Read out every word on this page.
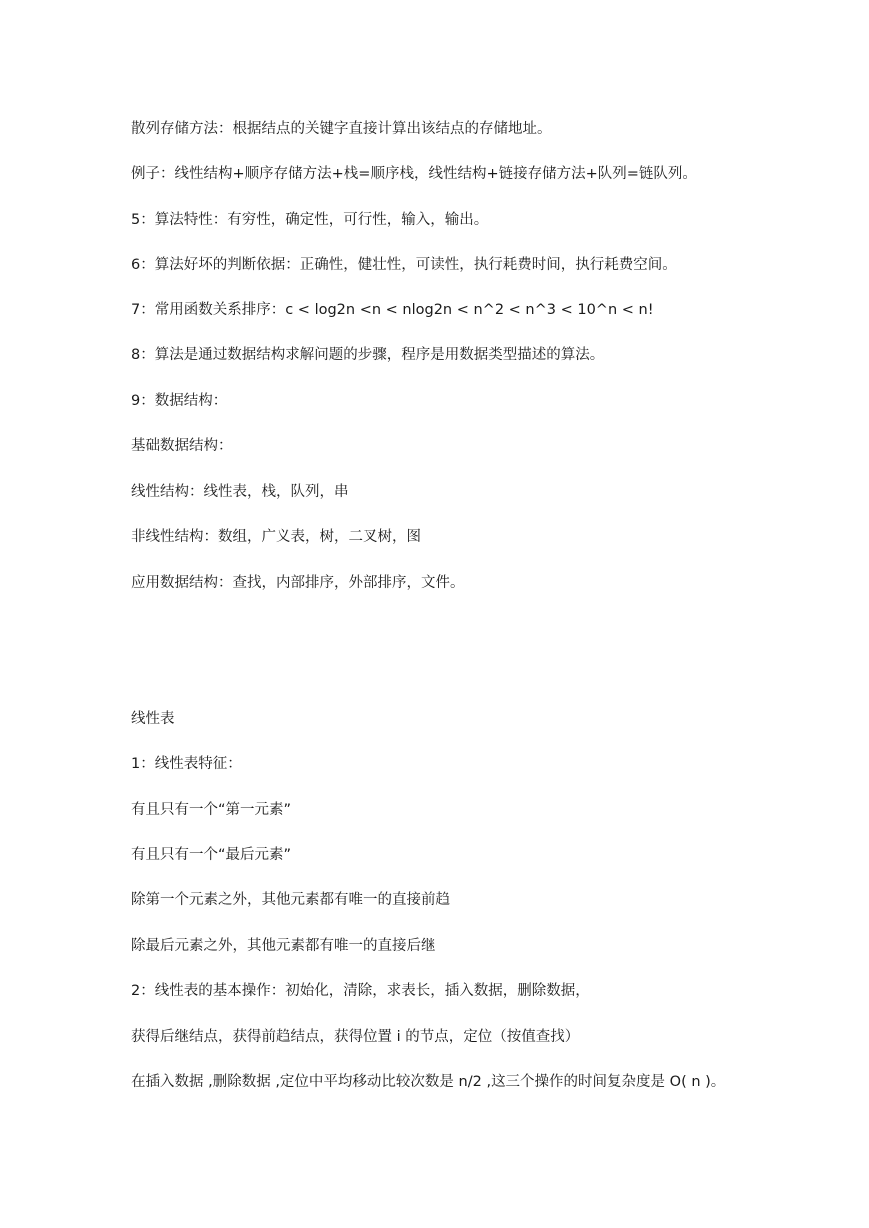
散列存储方法：根据结点的关键字直接计算出该结点的存储地址。
例子：线性结构+顺序存储方法+栈=顺序栈，线性结构+链接存储方法+队列=链队列。
5：算法特性：有穷性，确定性，可行性，输入，输出。
6：算法好坏的判断依据：正确性，健壮性，可读性，执行耗费时间，执行耗费空间。
7：常用函数关系排序：c < log2n <n < nlog2n < n^2 < n^3 < 10^n < n!
8：算法是通过数据结构求解问题的步骤，程序是用数据类型描述的算法。
9：数据结构：
基础数据结构：
线性结构：线性表，栈，队列，串
非线性结构：数组，广义表，树，二叉树，图
应用数据结构：查找，内部排序，外部排序，文件。
线性表
1：线性表特征：
有且只有一个“第一元素”
有且只有一个“最后元素”
除第一个元素之外，其他元素都有唯一的直接前趋
除最后元素之外，其他元素都有唯一的直接后继
2：线性表的基本操作：初始化，清除，求表长，插入数据，删除数据，
获得后继结点，获得前趋结点，获得位置 i 的节点，定位（按值查找）
在插入数据 ,删除数据 ,定位中平均移动比较次数是 n/2 ,这三个操作的时间复杂度是 O( n )。
